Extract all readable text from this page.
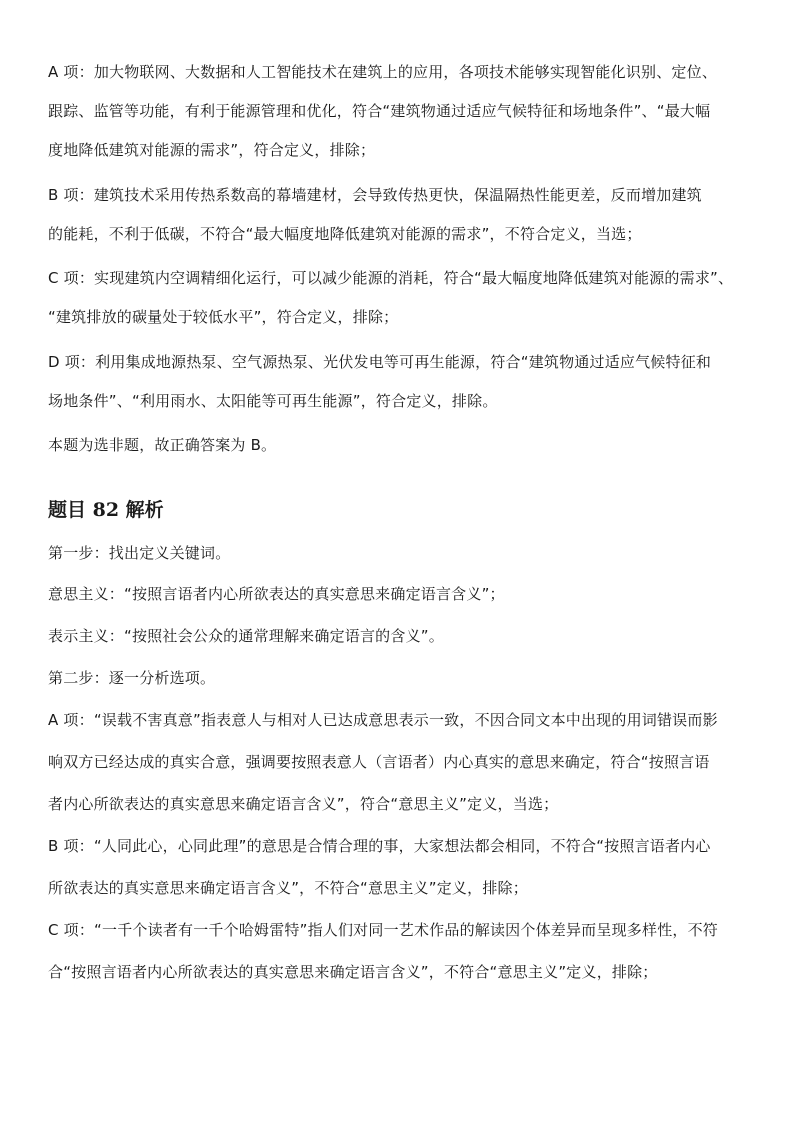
A 项：加大物联网、大数据和人工智能技术在建筑上的应用，各项技术能够实现智能化识别、定位、
跟踪、监管等功能，有利于能源管理和优化，符合“建筑物通过适应气候特征和场地条件”、“最大幅
度地降低建筑对能源的需求”，符合定义，排除；
B 项：建筑技术采用传热系数高的幕墙建材，会导致传热更快，保温隔热性能更差，反而增加建筑
的能耗，不利于低碳，不符合“最大幅度地降低建筑对能源的需求”，不符合定义，当选；
C 项：实现建筑内空调精细化运行，可以减少能源的消耗，符合“最大幅度地降低建筑对能源的需求”、
“建筑排放的碳量处于较低水平”，符合定义，排除；
D 项：利用集成地源热泵、空气源热泵、光伏发电等可再生能源，符合“建筑物通过适应气候特征和
场地条件”、“利用雨水、太阳能等可再生能源”，符合定义，排除。
本题为选非题，故正确答案为 B。
题目 82 解析
第一步：找出定义关键词。
意思主义：“按照言语者内心所欲表达的真实意思来确定语言含义”；
表示主义：“按照社会公众的通常理解来确定语言的含义”。
第二步：逐一分析选项。
A 项：“误载不害真意”指表意人与相对人已达成意思表示一致，不因合同文本中出现的用词错误而影
响双方已经达成的真实合意，强调要按照表意人（言语者）内心真实的意思来确定，符合“按照言语
者内心所欲表达的真实意思来确定语言含义”，符合“意思主义”定义，当选；
B 项：“人同此心，心同此理”的意思是合情合理的事，大家想法都会相同，不符合“按照言语者内心
所欲表达的真实意思来确定语言含义”，不符合“意思主义”定义，排除；
C 项：“一千个读者有一千个哈姆雷特”指人们对同一艺术作品的解读因个体差异而呈现多样性，不符
合“按照言语者内心所欲表达的真实意思来确定语言含义”，不符合“意思主义”定义，排除；
